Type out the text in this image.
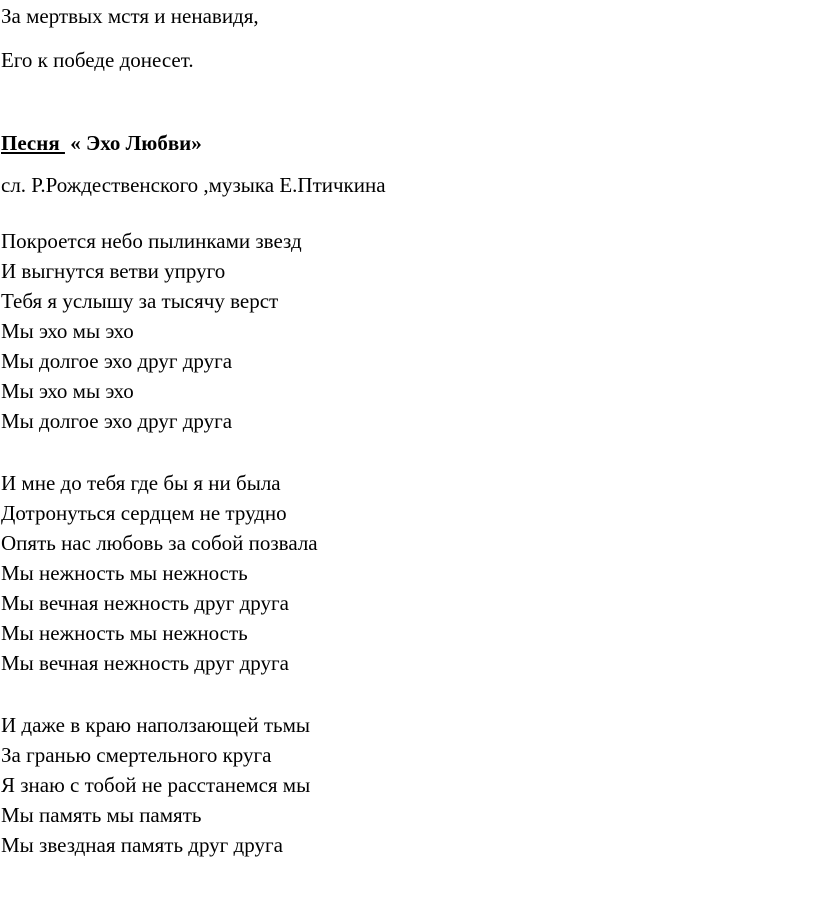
За мертвых мстя и ненавидя,
Его к победе донесет.
Песня  « Эхо Любви»
сл. Р.Рождественского ,музыка Е.Птичкина
Покроется небо пылинками звезд
И выгнутся ветви упруго
Тебя я услышу за тысячу верст
Мы эхо мы эхо
Мы долгое эхо друг друга
Мы эхо мы эхо
Мы долгое эхо друг друга
И мне до тебя где бы я ни была
Дотронуться сердцем не трудно
Опять нас любовь за собой позвала
Мы нежность мы нежность
Мы вечная нежность друг друга
Мы нежность мы нежность
Мы вечная нежность друг друга
И даже в краю наползающей тьмы
За гранью смертельного круга
Я знаю с тобой не расстанемся мы
Мы память мы память
Мы звездная память друг друга
